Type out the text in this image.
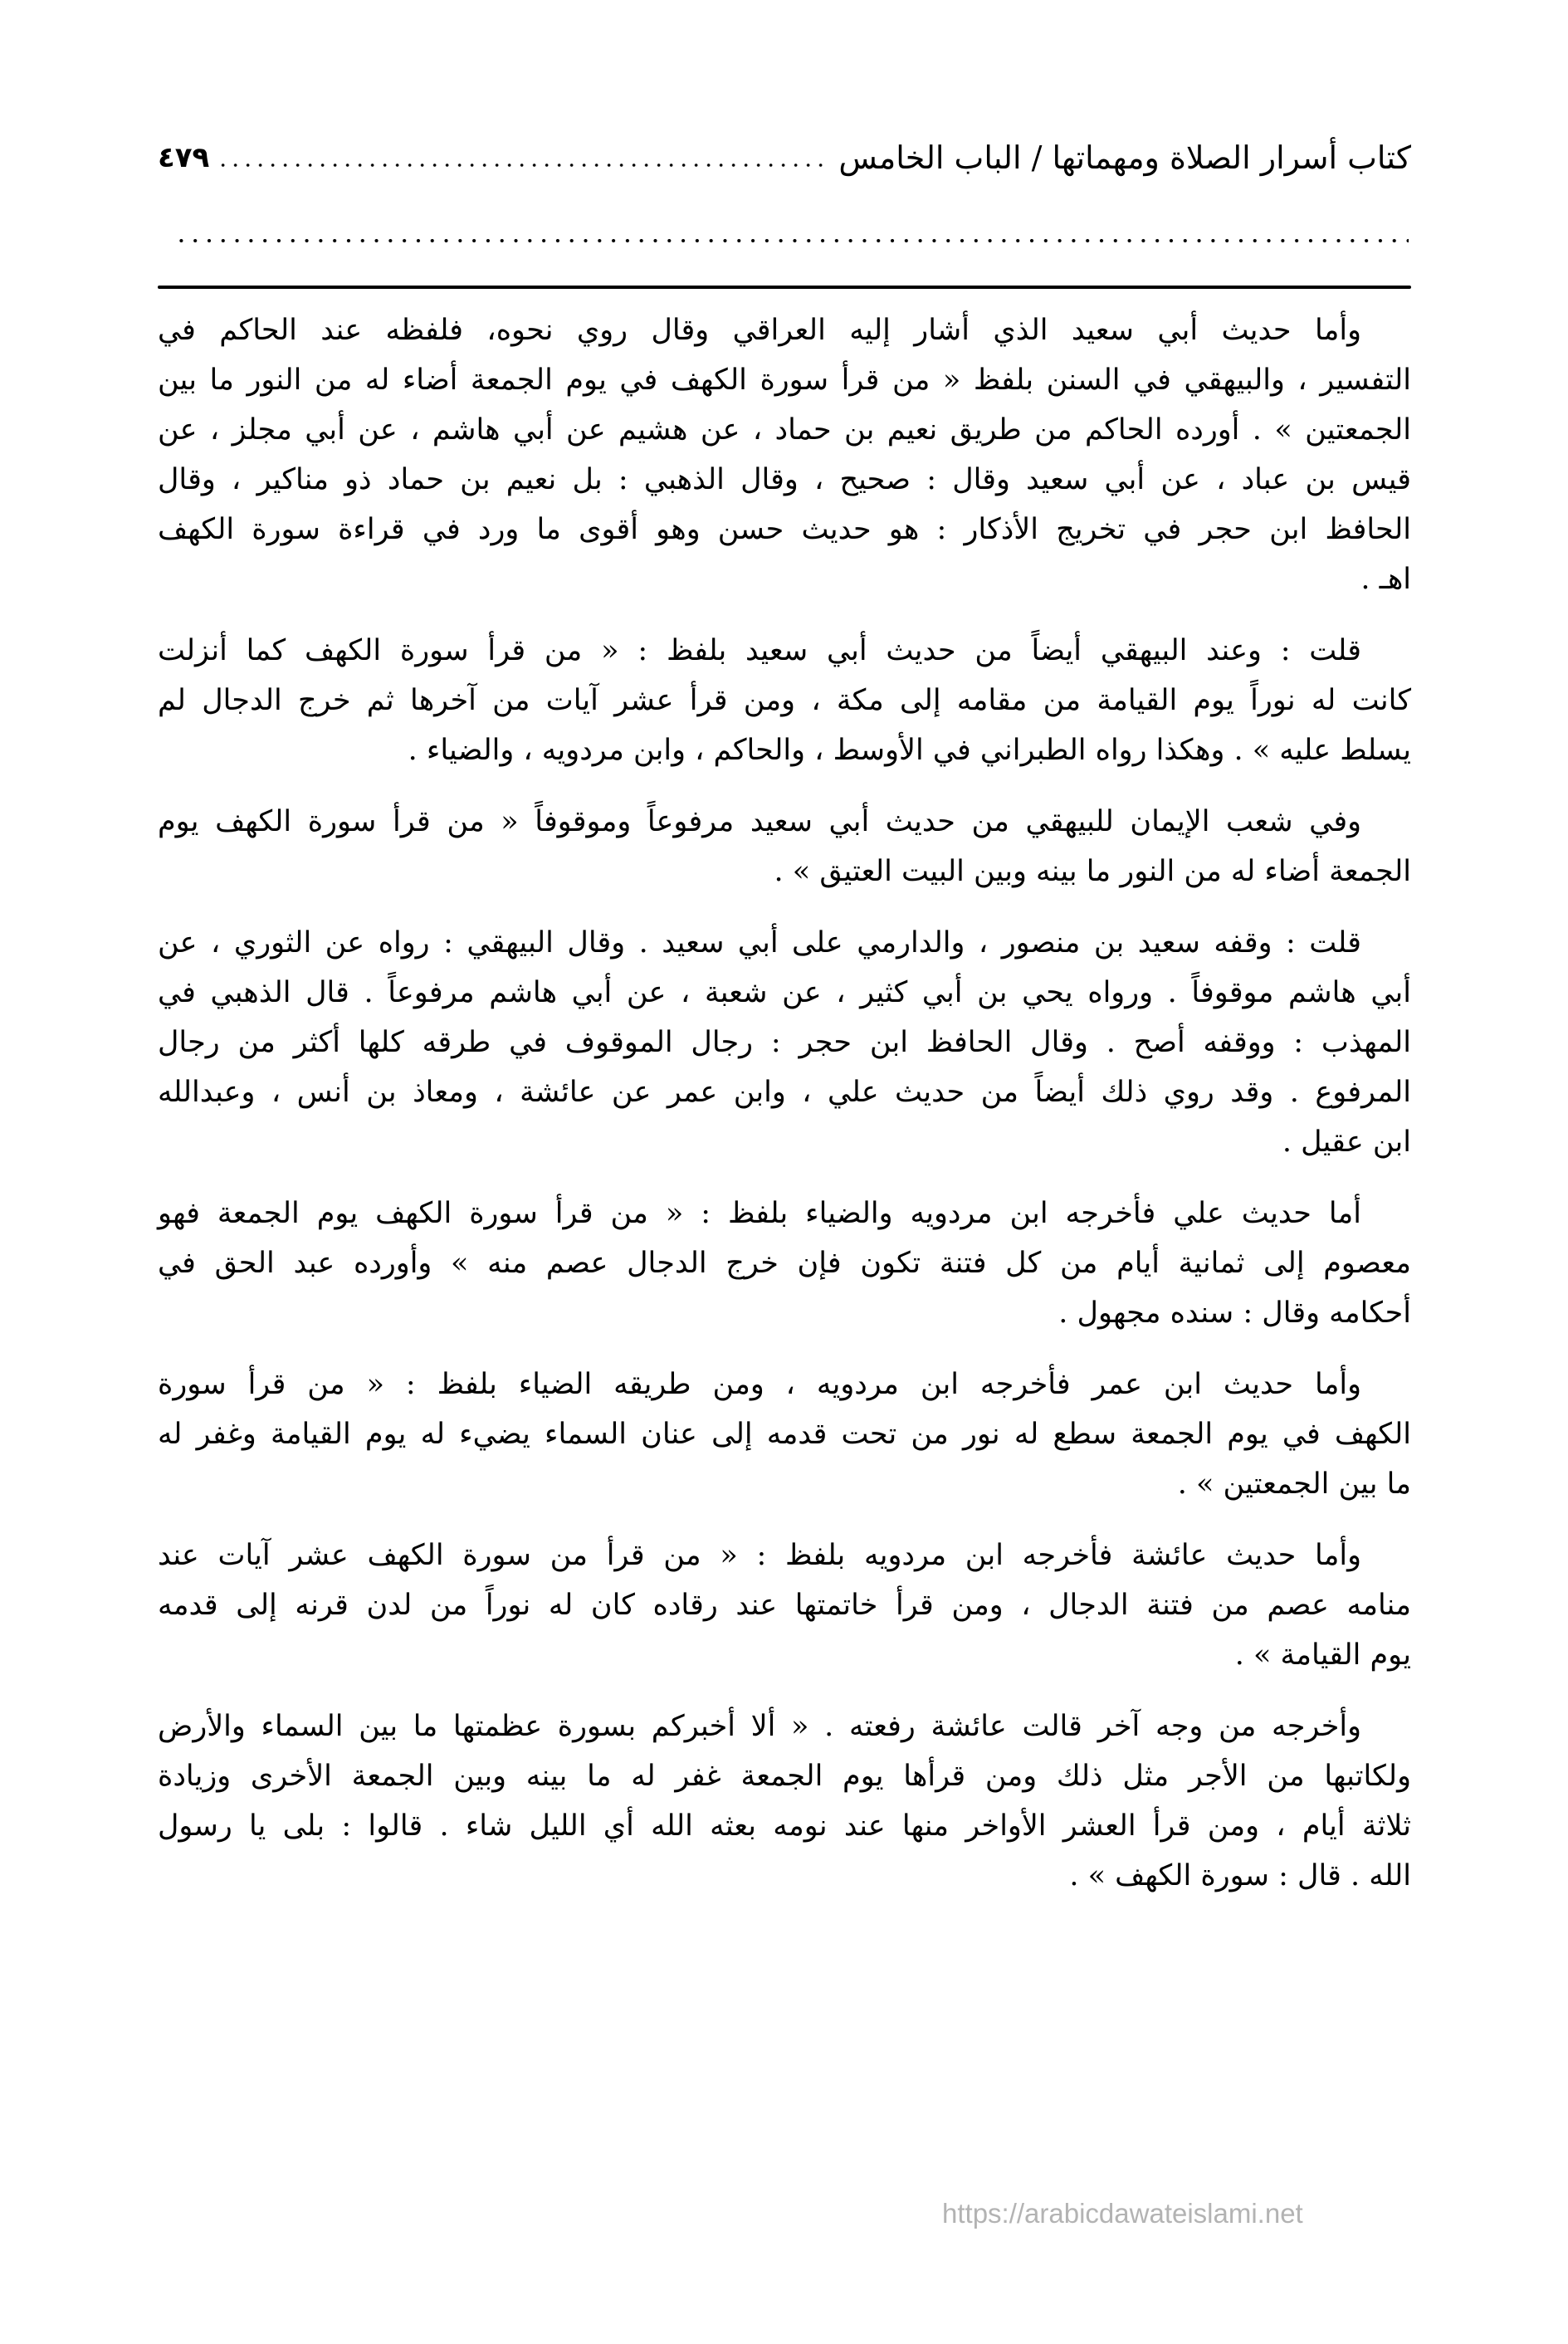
كتاب أسرار الصلاة ومهماتها / الباب الخامس
٤٧٩
وأما حديث أبي سعيد الذي أشار إليه العراقي وقال روي نحوه، فلفظه عند الحاكم في
التفسير ، والبيهقي في السنن بلفظ « من قرأ سورة الكهف في يوم الجمعة أضاء له من النور ما بين
الجمعتين » . أورده الحاكم من طريق نعيم بن حماد ، عن هشيم عن أبي هاشم ، عن أبي مجلز ، عن
قيس بن عباد ، عن أبي سعيد وقال : صحيح ، وقال الذهبي : بل نعيم بن حماد ذو مناكير ، وقال
الحافظ ابن حجر في تخريج الأذكار : هو حديث حسن وهو أقوى ما ورد في قراءة سورة الكهف
اهـ .
قلت : وعند البيهقي أيضاً من حديث أبي سعيد بلفظ : « من قرأ سورة الكهف كما أنزلت
كانت له نوراً يوم القيامة من مقامه إلى مكة ، ومن قرأ عشر آيات من آخرها ثم خرج الدجال لم
يسلط عليه » . وهكذا رواه الطبراني في الأوسط ، والحاكم ، وابن مردويه ، والضياء .
وفي شعب الإيمان للبيهقي من حديث أبي سعيد مرفوعاً وموقوفاً « من قرأ سورة الكهف يوم
الجمعة أضاء له من النور ما بينه وبين البيت العتيق » .
قلت : وقفه سعيد بن منصور ، والدارمي على أبي سعيد . وقال البيهقي : رواه عن الثوري ، عن
أبي هاشم موقوفاً . ورواه يحي بن أبي كثير ، عن شعبة ، عن أبي هاشم مرفوعاً . قال الذهبي في
المهذب : ووقفه أصح . وقال الحافظ ابن حجر : رجال الموقوف في طرقه كلها أكثر من رجال
المرفوع . وقد روي ذلك أيضاً من حديث علي ، وابن عمر عن عائشة ، ومعاذ بن أنس ، وعبدالله
ابن عقيل .
أما حديث علي فأخرجه ابن مردويه والضياء بلفظ : « من قرأ سورة الكهف يوم الجمعة فهو
معصوم إلى ثمانية أيام من كل فتنة تكون فإن خرج الدجال عصم منه » وأورده عبد الحق في
أحكامه وقال : سنده مجهول .
وأما حديث ابن عمر فأخرجه ابن مردويه ، ومن طريقه الضياء بلفظ : « من قرأ سورة
الكهف في يوم الجمعة سطع له نور من تحت قدمه إلى عنان السماء يضيء له يوم القيامة وغفر له
ما بين الجمعتين » .
وأما حديث عائشة فأخرجه ابن مردويه بلفظ : « من قرأ من سورة الكهف عشر آيات عند
منامه عصم من فتنة الدجال ، ومن قرأ خاتمتها عند رقاده كان له نوراً من لدن قرنه إلى قدمه
يوم القيامة » .
وأخرجه من وجه آخر قالت عائشة رفعته . « ألا أخبركم بسورة عظمتها ما بين السماء والأرض
ولكاتبها من الأجر مثل ذلك ومن قرأها يوم الجمعة غفر له ما بينه وبين الجمعة الأخرى وزيادة
ثلاثة أيام ، ومن قرأ العشر الأواخر منها عند نومه بعثه الله أي الليل شاء . قالوا : بلى يا رسول
الله . قال : سورة الكهف » .
https://arabicdawateislami.net
